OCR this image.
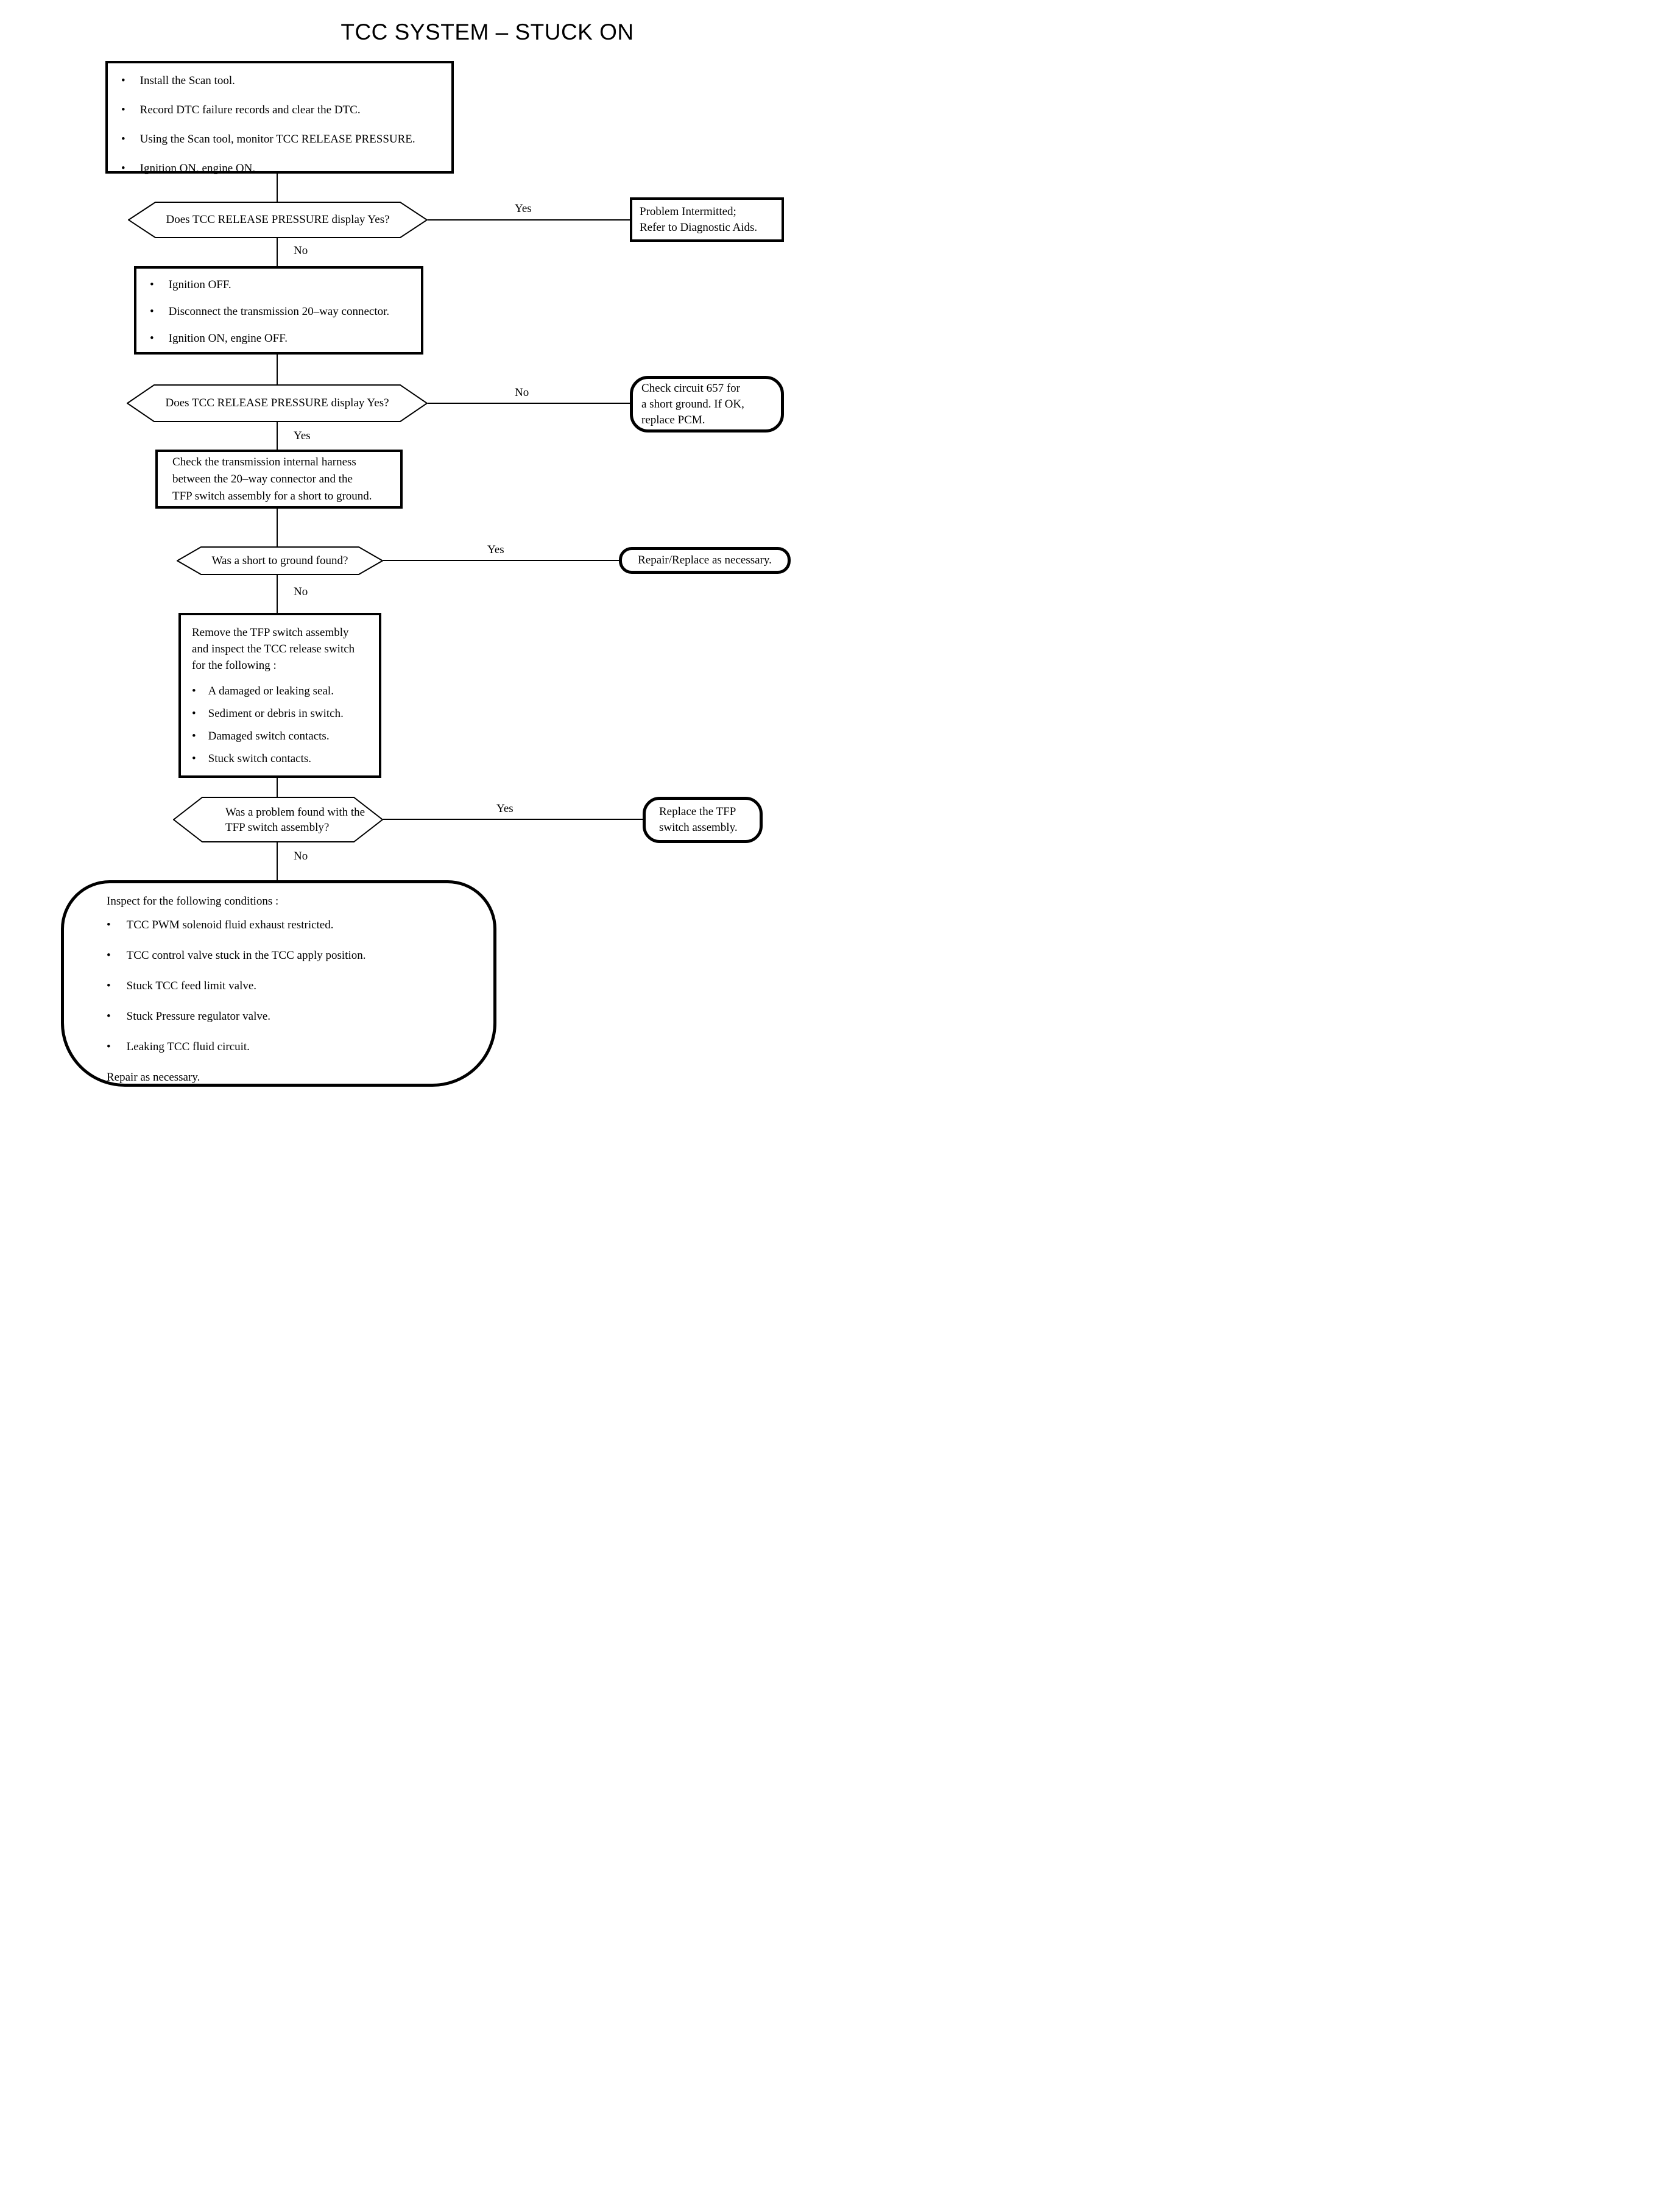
TCC SYSTEM – STUCK ON
• Install the Scan tool.
• Record DTC failure records and clear the DTC.
• Using the Scan tool, monitor TCC RELEASE PRESSURE.
• Ignition ON, engine ON.
Does TCC RELEASE PRESSURE display Yes?
Yes	Problem Intermitted;
Refer to Diagnostic Aids.
No
• Ignition OFF.
• Disconnect the transmission 20–way connector.
• Ignition ON, engine OFF.
Does TCC RELEASE PRESSURE display Yes?
No	Check circuit 657 for
a short ground. If OK,
replace PCM.
Yes
Check the transmission internal harness
between the 20–way connector and the
TFP switch assembly for a short to ground.
Was a short to ground found?
Yes
Repair/Replace as necessary.
No
Remove the TFP switch assembly
and inspect the TCC release switch
for the following :
• A damaged or leaking seal.
• Sediment or debris in switch.
• Damaged switch contacts.
• Stuck switch contacts.
Was a problem found with the
TFP switch assembly?
Yes	Replace the TFP
switch assembly.
No
Inspect for the following conditions :
• TCC PWM solenoid fluid exhaust restricted.
• TCC control valve stuck in the TCC apply position.
• Stuck TCC feed limit valve.
• Stuck Pressure regulator valve.
• Leaking TCC fluid circuit.
Repair as necessary.
